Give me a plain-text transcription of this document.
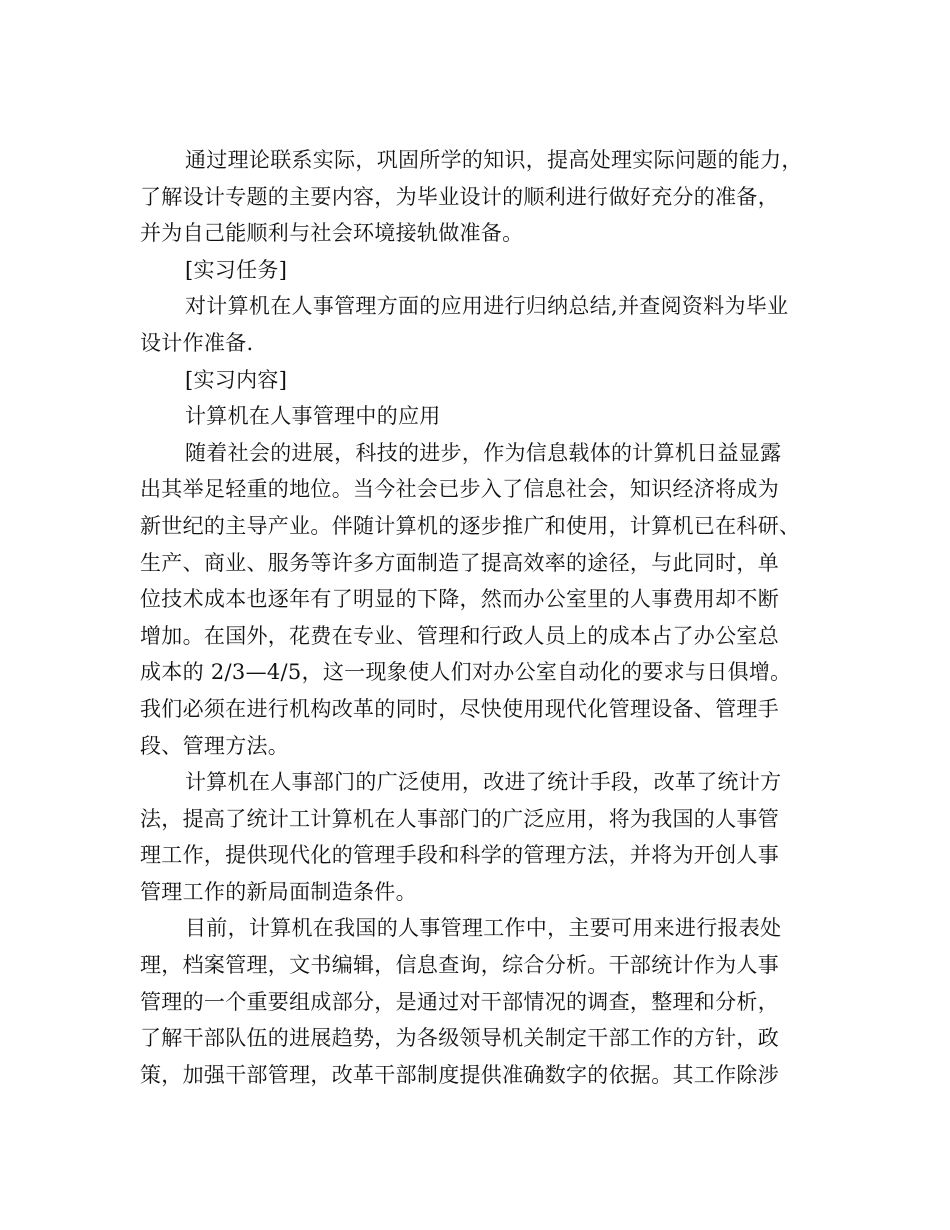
通过理论联系实际，巩固所学的知识，提高处理实际问题的能力，
了解设计专题的主要内容，为毕业设计的顺利进行做好充分的准备，
并为自己能顺利与社会环境接轨做准备。
[实习任务]
对计算机在人事管理方面的应用进行归纳总结,并查阅资料为毕业
设计作准备.
[实习内容]
计算机在人事管理中的应用
随着社会的进展，科技的进步，作为信息载体的计算机日益显露
出其举足轻重的地位。当今社会已步入了信息社会，知识经济将成为
新世纪的主导产业。伴随计算机的逐步推广和使用，计算机已在科研、
生产、商业、服务等许多方面制造了提高效率的途径，与此同时，单
位技术成本也逐年有了明显的下降，然而办公室里的人事费用却不断
增加。在国外，花费在专业、管理和行政人员上的成本占了办公室总
成本的 2/3—4/5，这一现象使人们对办公室自动化的要求与日俱增。
我们必须在进行机构改革的同时，尽快使用现代化管理设备、管理手
段、管理方法。
计算机在人事部门的广泛使用，改进了统计手段，改革了统计方
法，提高了统计工计算机在人事部门的广泛应用，将为我国的人事管
理工作，提供现代化的管理手段和科学的管理方法，并将为开创人事
管理工作的新局面制造条件。
目前，计算机在我国的人事管理工作中，主要可用来进行报表处
理，档案管理，文书编辑，信息查询，综合分析。干部统计作为人事
管理的一个重要组成部分，是通过对干部情况的调查，整理和分析，
了解干部队伍的进展趋势，为各级领导机关制定干部工作的方针，政
策，加强干部管理，改革干部制度提供准确数字的依据。其工作除涉
